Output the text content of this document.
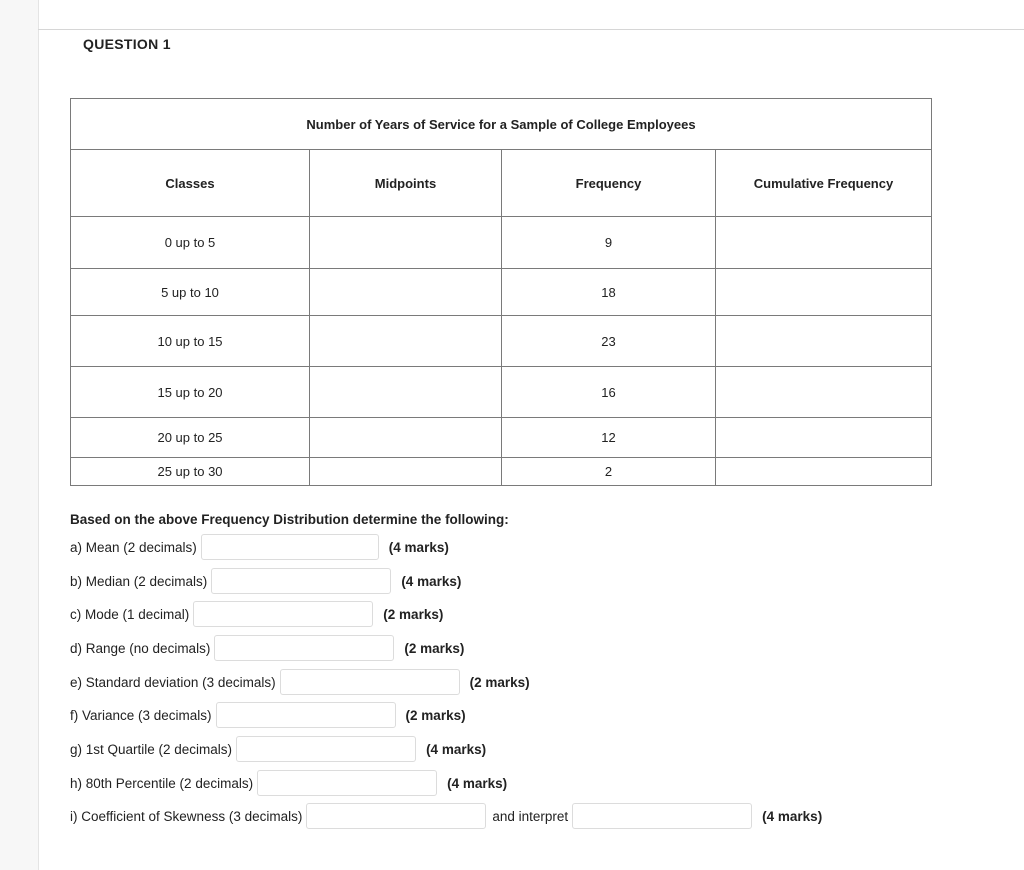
QUESTION 1
Number of Years of Service for a Sample of College Employees			
Classes	Midpoints	Frequency	Cumulative Frequency
0 up to 5		9	
5 up to 10		18	
10 up to 15		23	
15 up to 20		16	
20 up to 25		12	
25 up to 30		2	
Based on the above Frequency Distribution determine the following:
a) Mean (2 decimals)	(4 marks)
b) Median (2 decimals)	(4 marks)
c) Mode (1 decimal)	(2 marks)
d) Range (no decimals)	(2 marks)
e) Standard deviation (3 decimals)	(2 marks)
f) Variance (3 decimals)	(2 marks)
g) 1st Quartile (2 decimals)	(4 marks)
h) 80th Percentile (2 decimals)	(4 marks)
i) Coefficient of Skewness (3 decimals)	and interpret	(4 marks)
